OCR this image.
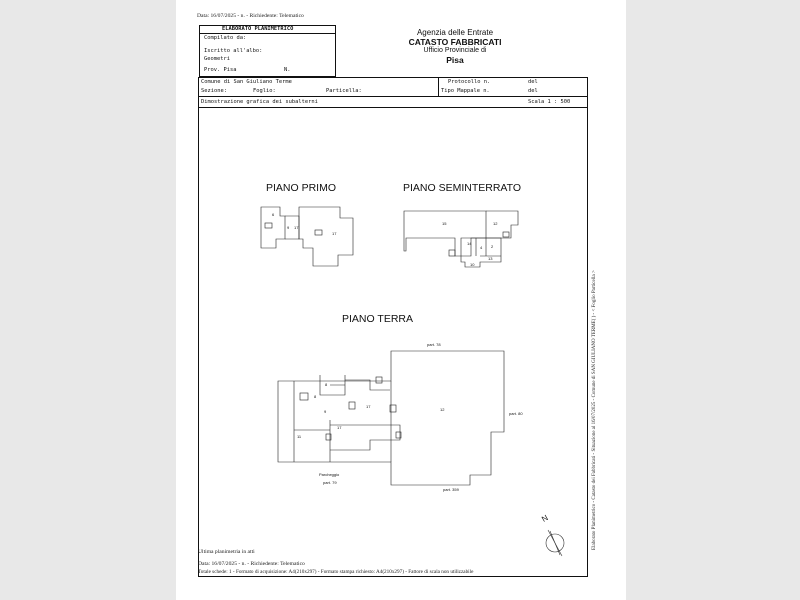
Data: 16/07/2025 - n. - Richiedente: Telematico
ELABORATO PLANIMETRICO
Compilato da:
Iscritto all'albo:
Geometri
Prov. Pisa	N.
Agenzia delle Entrate
CATASTO FABBRICATI
Ufficio Provinciale di
Pisa
Comune di San Giuliano Terme
Sezione:	Foglio:	Particella:
Protocollo n.	del
Tipo Mappale n.	del
Dimostrazione grafica dei subalterni	Scala 1 : 500
PIANO PRIMO	PIANO SEMINTERRATO
PIANO TERRA
6
9 17
17
15	12
14
4 2
10
13
8
8
9
11
17
17
12
part. 78
part. 80
part. 359
Parcheggio
part. 79
N
Ultima planimetria in atti
Data: 16/07/2025 - n. - Richiedente: Telematico
Totale schede: 1 - Formato di acquisizione: A4(210x297) - Formato stampa richiesto: A4(210x297) - Fattore di scala non utilizzabile
Elaborato Planimetrico - Catasto dei Fabbricati - Situazione al 16/07/2025 - Comune di SAN GIULIANO TERME( ) - < Foglio Particella >
